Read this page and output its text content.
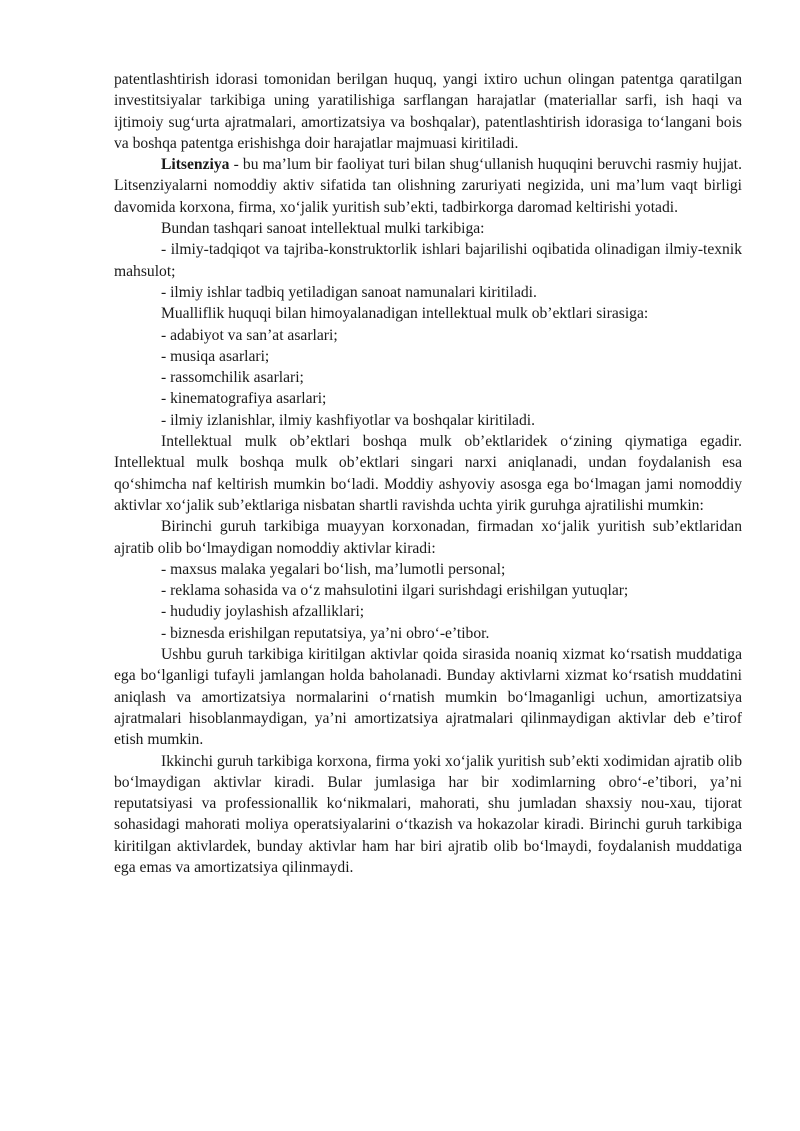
patentlashtirish idorasi tomonidan berilgan huquq, yangi ixtiro uchun olingan patentga qaratilgan investitsiyalar tarkibiga uning yaratilishiga sarflangan harajatlar (materiallar sarfi, ish haqi va ijtimoiy sug‘urta ajratmalari, amortizatsiya va boshqalar), patentlashtirish idorasiga to‘langani bois va boshqa patentga erishishga doir harajatlar majmuasi kiritiladi.

Litsenziya - bu ma’lum bir faoliyat turi bilan shug‘ullanish huquqini beruvchi rasmiy hujjat. Litsenziyalarni nomoddiy aktiv sifatida tan olishning zaruriyati negizida, uni ma’lum vaqt birligi davomida korxona, firma, xo‘jalik yuritish sub’ekti, tadbirkorga daromad keltirishi yotadi.

Bundan tashqari sanoat intellektual mulki tarkibiga:

- ilmiy-tadqiqot va tajriba-konstruktorlik ishlari bajarilishi oqibatida olinadigan ilmiy-texnik mahsulot;

- ilmiy ishlar tadbiq yetiladigan sanoat namunalari kiritiladi.

Mualliflik huquqi bilan himoyalanadigan intellektual mulk ob’ektlari sirasiga:

- adabiyot va san’at asarlari;

- musiqa asarlari;

- rassomchilik asarlari;

- kinematografiya asarlari;

- ilmiy izlanishlar, ilmiy kashfiyotlar va boshqalar kiritiladi.

Intellektual mulk ob’ektlari boshqa mulk ob’ektlaridek o‘zining qiymatiga egadir. Intellektual mulk boshqa mulk ob’ektlari singari narxi aniqlanadi, undan foydalanish esa qo‘shimcha naf keltirish mumkin bo‘ladi. Moddiy ashyoviy asosga ega bo‘lmagan jami nomoddiy aktivlar xo‘jalik sub’ektlariga nisbatan shartli ravishda uchta yirik guruhga ajratilishi mumkin:

Birinchi guruh tarkibiga muayyan korxonadan, firmadan xo‘jalik yuritish sub’ektlaridan ajratib olib bo‘lmaydigan nomoddiy aktivlar kiradi:

- maxsus malaka yegalari bo‘lish, ma’lumotli personal;

- reklama sohasida va o‘z mahsulotini ilgari surishdagi erishilgan yutuqlar;

- hududiy joylashish afzalliklari;

- biznesda erishilgan reputatsiya, ya’ni obro‘-e’tibor.

Ushbu guruh tarkibiga kiritilgan aktivlar qoida sirasida noaniq xizmat ko‘rsatish muddatiga ega bo‘lganligi tufayli jamlangan holda baholanadi. Bunday aktivlarni xizmat ko‘rsatish muddatini aniqlash va amortizatsiya normalarini o‘rnatish mumkin bo‘lmaganligi uchun, amortizatsiya ajratmalari hisoblanmaydigan, ya’ni amortizatsiya ajratmalari qilinmaydigan aktivlar deb e’tirof etish mumkin.

Ikkinchi guruh tarkibiga korxona, firma yoki xo‘jalik yuritish sub’ekti xodimidan ajratib olib bo‘lmaydigan aktivlar kiradi. Bular jumlasiga har bir xodimlarning obro‘-e’tibori, ya’ni reputatsiyasi va professionallik ko‘nikmalari, mahorati, shu jumladan shaxsiy nou-xau, tijorat sohasidagi mahorati moliya operatsiyalarini o‘tkazish va hokazolar kiradi. Birinchi guruh tarkibiga kiritilgan aktivlardek, bunday aktivlar ham har biri ajratib olib bo‘lmaydi, foydalanish muddatiga ega emas va amortizatsiya qilinmaydi.
